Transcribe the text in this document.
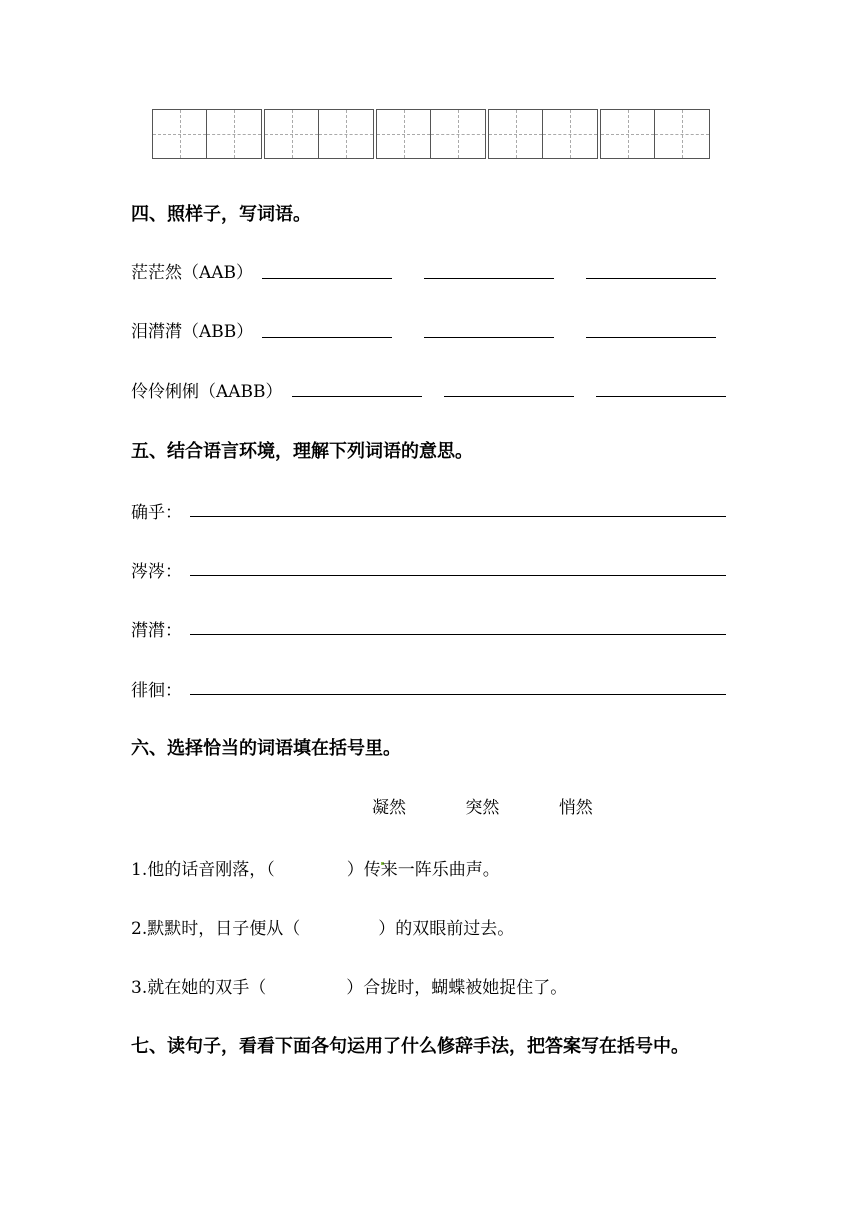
四、照样子，写词语。
茫茫然（AAB）
泪潸潸（ABB）
伶伶俐俐（AABB）
五、结合语言环境，理解下列词语的意思。
确乎：
涔涔：
潸潸：
徘徊：
六、选择恰当的词语填在括号里。
凝然	突然	悄然
1.他的话音刚落，（	）传来一阵乐曲声。
2.默默时，日子便从（	）的双眼前过去。
3.就在她的双手（	）合拢时，蝴蝶被她捉住了。
七、读句子，看看下面各句运用了什么修辞手法，把答案写在括号中。
